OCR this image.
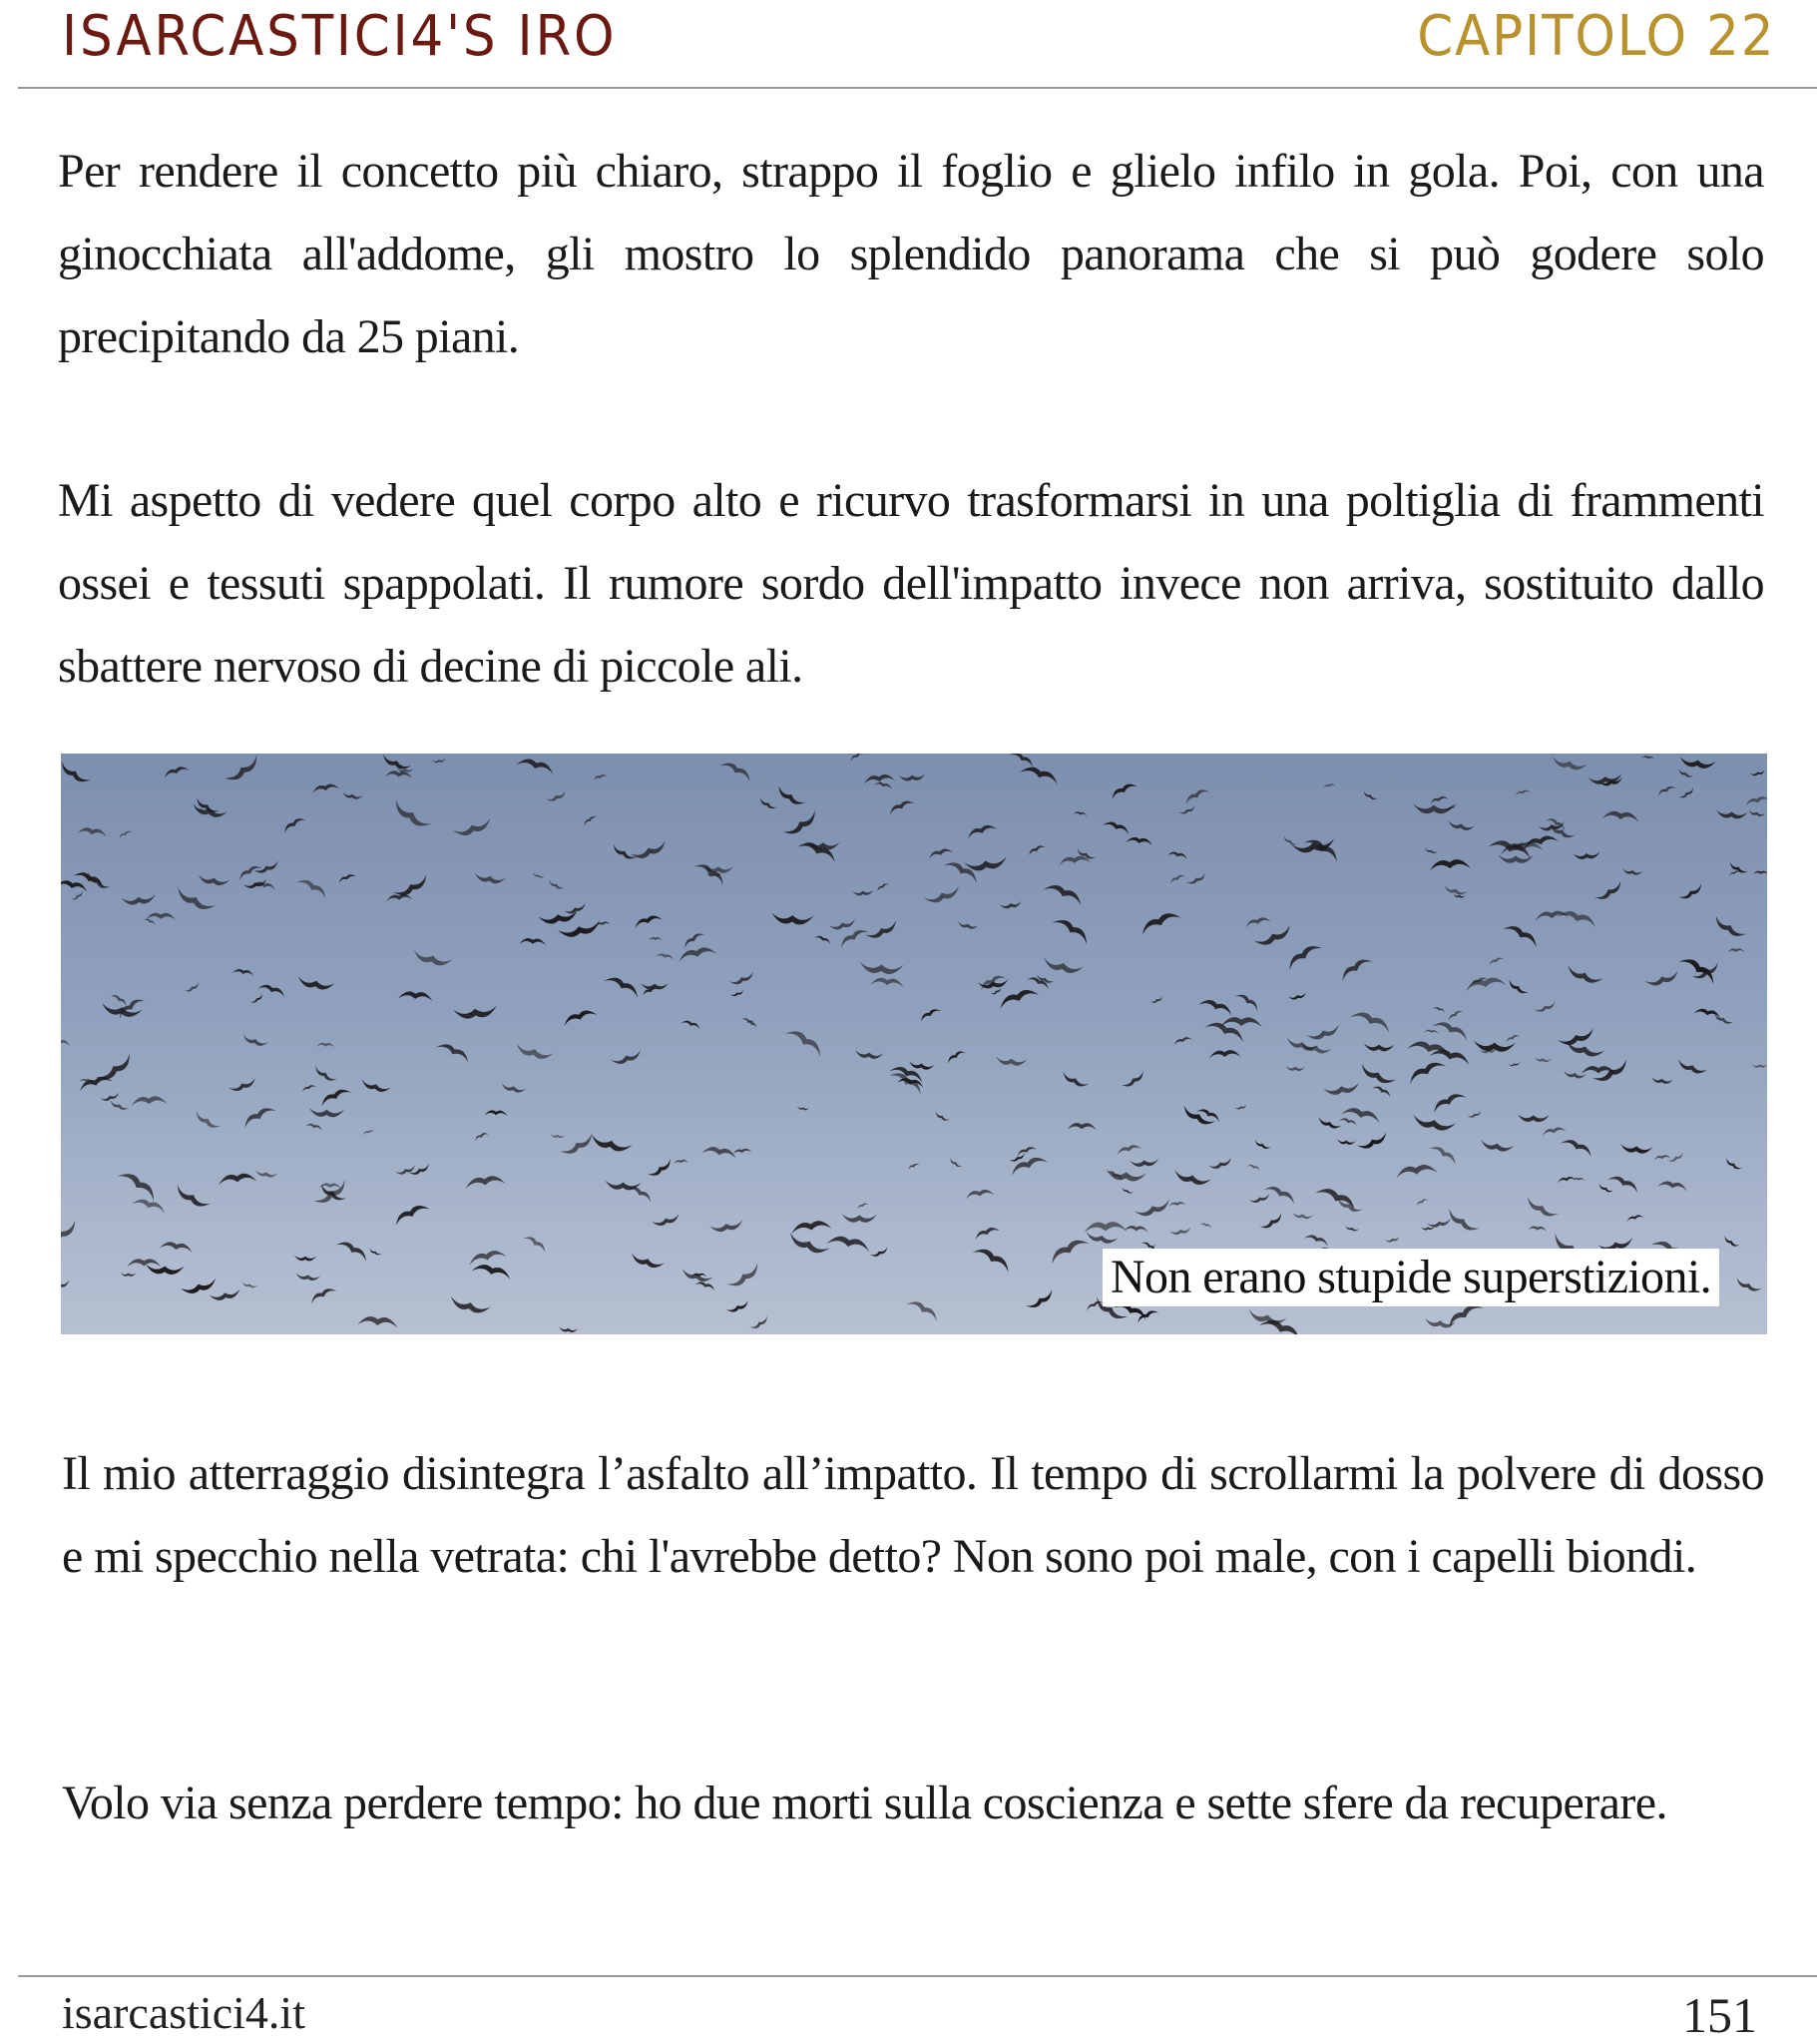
ISARCASTICI4'S IRO	CAPITOLO 22

Per rendere il concetto più chiaro, strappo il foglio e glielo infilo in gola. Poi, con una ginocchiata all'addome, gli mostro lo splendido panorama che si può godere solo precipitando da 25 piani.

Mi aspetto di vedere quel corpo alto e ricurvo trasformarsi in una poltiglia di frammenti ossei e tessuti spappolati. Il rumore sordo dell'impatto invece non arriva, sostituito dallo sbattere nervoso di decine di piccole ali.

Non erano stupide superstizioni.

Il mio atterraggio disintegra l’asfalto all’impatto. Il tempo di scrollarmi la polvere di dosso e mi specchio nella vetrata: chi l'avrebbe detto? Non sono poi male, con i capelli biondi.

Volo via senza perdere tempo: ho due morti sulla coscienza e sette sfere da recuperare.

isarcastici4.it	151
